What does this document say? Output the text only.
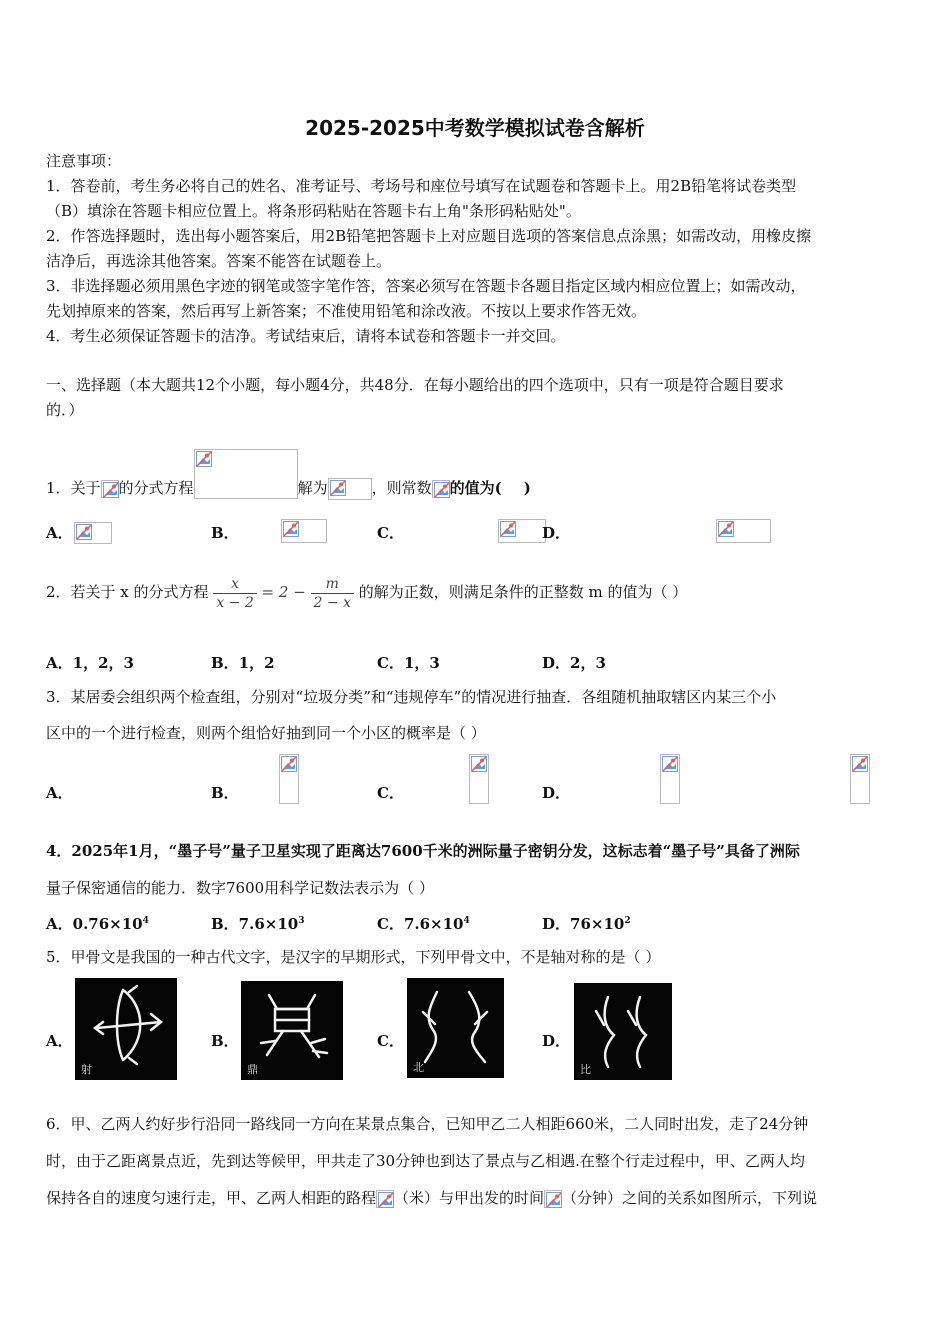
2025-2025中考数学模拟试卷含解析
注意事项：
1．答卷前，考生务必将自己的姓名、准考证号、考场号和座位号填写在试题卷和答题卡上。用2B铅笔将试卷类型
（B）填涂在答题卡相应位置上。将条形码粘贴在答题卡右上角"条形码粘贴处"。
2．作答选择题时，选出每小题答案后，用2B铅笔把答题卡上对应题目选项的答案信息点涂黑；如需改动，用橡皮擦
洁净后，再选涂其他答案。答案不能答在试题卷上。
3．非选择题必须用黑色字迹的钢笔或签字笔作答，答案必须写在答题卡各题目指定区域内相应位置上；如需改动，
先划掉原来的答案，然后再写上新答案；不准使用铅笔和涂改液。不按以上要求作答无效。
4．考生必须保证答题卡的洁净。考试结束后，请将本试卷和答题卡一并交回。
一、选择题（本大题共12个小题，每小题4分，共48分．在每小题给出的四个选项中，只有一项是符合题目要求
的．）
1．关于 的分式方程	解为	，则常数 的值为( )
A．
	B．
	C．
	D．

2．若关于 x 的分式方程 $\frac{x}{x - 2} = 2 - \frac{m}{2 - x}$ 的解为正数，则满足条件的正整数 m 的值为（ ）
A．1，2，3	B．1，2	C．1，3	D．2，3
3．某居委会组织两个检查组，分别对“垃圾分类”和“违规停车”的情况进行抽查．各组随机抽取辖区内某三个小
区中的一个进行检查，则两个组恰好抽到同一个小区的概率是（ ）
A．
	B．
	C．
	D．
4．2025年1月，“墨子号”量子卫星实现了距离达7600千米的洲际量子密钥分发，这标志着“墨子号”具备了洲际
量子保密通信的能力．数字7600用科学记数法表示为（ ）
A．$0.76\times 10^4$	B．$7.6\times 10^3$	C．$7.6\times 10^4$	D．$76\times 10^2$
5．甲骨文是我国的一种古代文字，是汉字的早期形式，下列甲骨文中，不是轴对称的是（ ）
A．
射
B．
鼎
C．
北
D．
比
6．甲、乙两人约好步行沿同一路线同一方向在某景点集合，已知甲乙二人相距660米，二人同时出发，走了24分钟
时，由于乙距离景点近，先到达等候甲，甲共走了30分钟也到达了景点与乙相遇.在整个行走过程中，甲、乙两人均
保持各自的速度匀速行走，甲、乙两人相距的路程 （米）与甲出发的时间 （分钟）之间的关系如图所示，下列说
